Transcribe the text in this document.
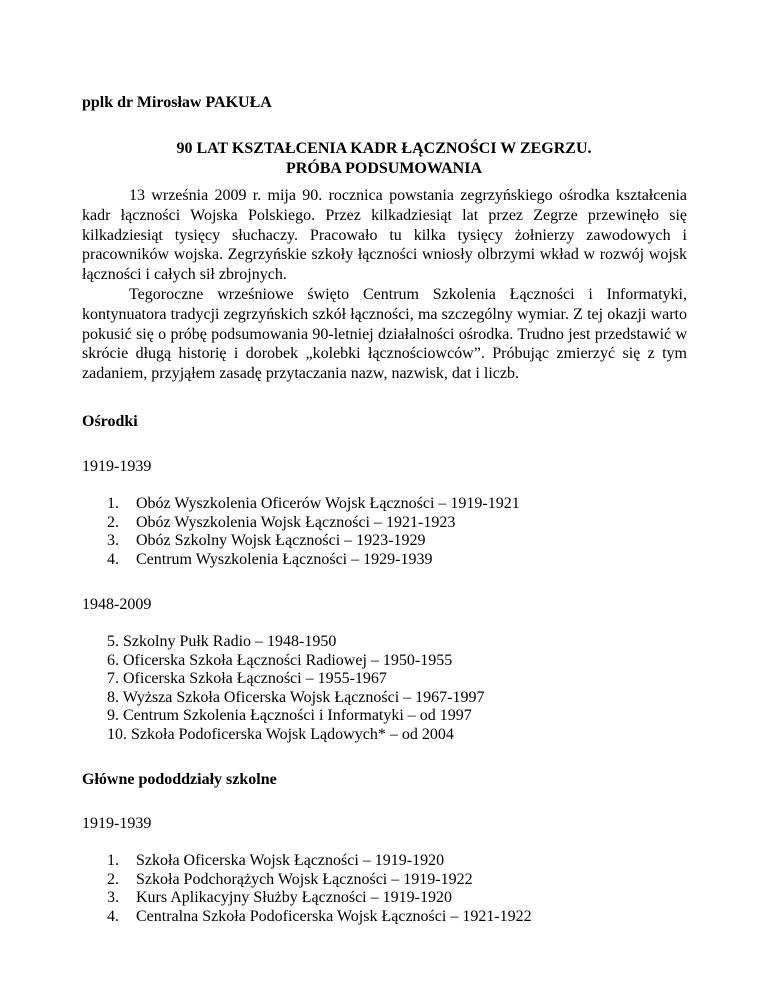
pplk dr Mirosław PAKUŁA
90 LAT KSZTAŁCENIA KADR ŁĄCZNOŚCI W ZEGRZU.
PRÓBA PODSUMOWANIA

13 września 2009 r. mija 90. rocznica powstania zegrzyńskiego ośrodka kształcenia kadr łączności Wojska Polskiego. Przez kilkadziesiąt lat przez Zegrze przewinęło się kilkadziesiąt tysięcy słuchaczy. Pracowało tu kilka tysięcy żołnierzy zawodowych i pracowników wojska. Zegrzyńskie szkoły łączności wniosły olbrzymi wkład w rozwój wojsk łączności i całych sił zbrojnych.

Tegoroczne wrześniowe święto Centrum Szkolenia Łączności i Informatyki, kontynuatora tradycji zegrzyńskich szkół łączności, ma szczególny wymiar. Z tej okazji warto pokusić się o próbę podsumowania 90-letniej działalności ośrodka. Trudno jest przedstawić w skrócie długą historię i dorobek „kolebki łącznościowców”. Próbując zmierzyć się z tym zadaniem, przyjąłem zasadę przytaczania nazw, nazwisk, dat i liczb.

Ośrodki
1919-1939
1. Obóz Wyszkolenia Oficerów Wojsk Łączności – 1919-1921
2. Obóz Wyszkolenia Wojsk Łączności – 1921-1923
3. Obóz Szkolny Wojsk Łączności – 1923-1929
4. Centrum Wyszkolenia Łączności – 1929-1939
1948-2009
5. Szkolny Pułk Radio – 1948-1950
6. Oficerska Szkoła Łączności Radiowej – 1950-1955
7. Oficerska Szkoła Łączności – 1955-1967
8. Wyższa Szkoła Oficerska Wojsk Łączności – 1967-1997
9. Centrum Szkolenia Łączności i Informatyki – od 1997
10. Szkoła Podoficerska Wojsk Lądowych* – od 2004
Główne pododdziały szkolne
1919-1939
1. Szkoła Oficerska Wojsk Łączności – 1919-1920
2. Szkoła Podchorążych Wojsk Łączności – 1919-1922
3. Kurs Aplikacyjny Służby Łączności – 1919-1920
4. Centralna Szkoła Podoficerska Wojsk Łączności – 1921-1922
